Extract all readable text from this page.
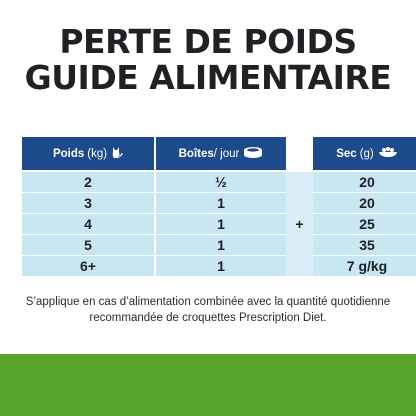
PERTE DE POIDS
GUIDE ALIMENTAIRE
Poids (kg)	Boîtes / jour	Sec (g)
2
3
4
5
6+
½
1
1
1
1
+
20
20
25
35
7 g/kg
S’applique en cas d’alimentation combinée avec la quantité quotidienne recommandée de croquettes Prescription Diet.
